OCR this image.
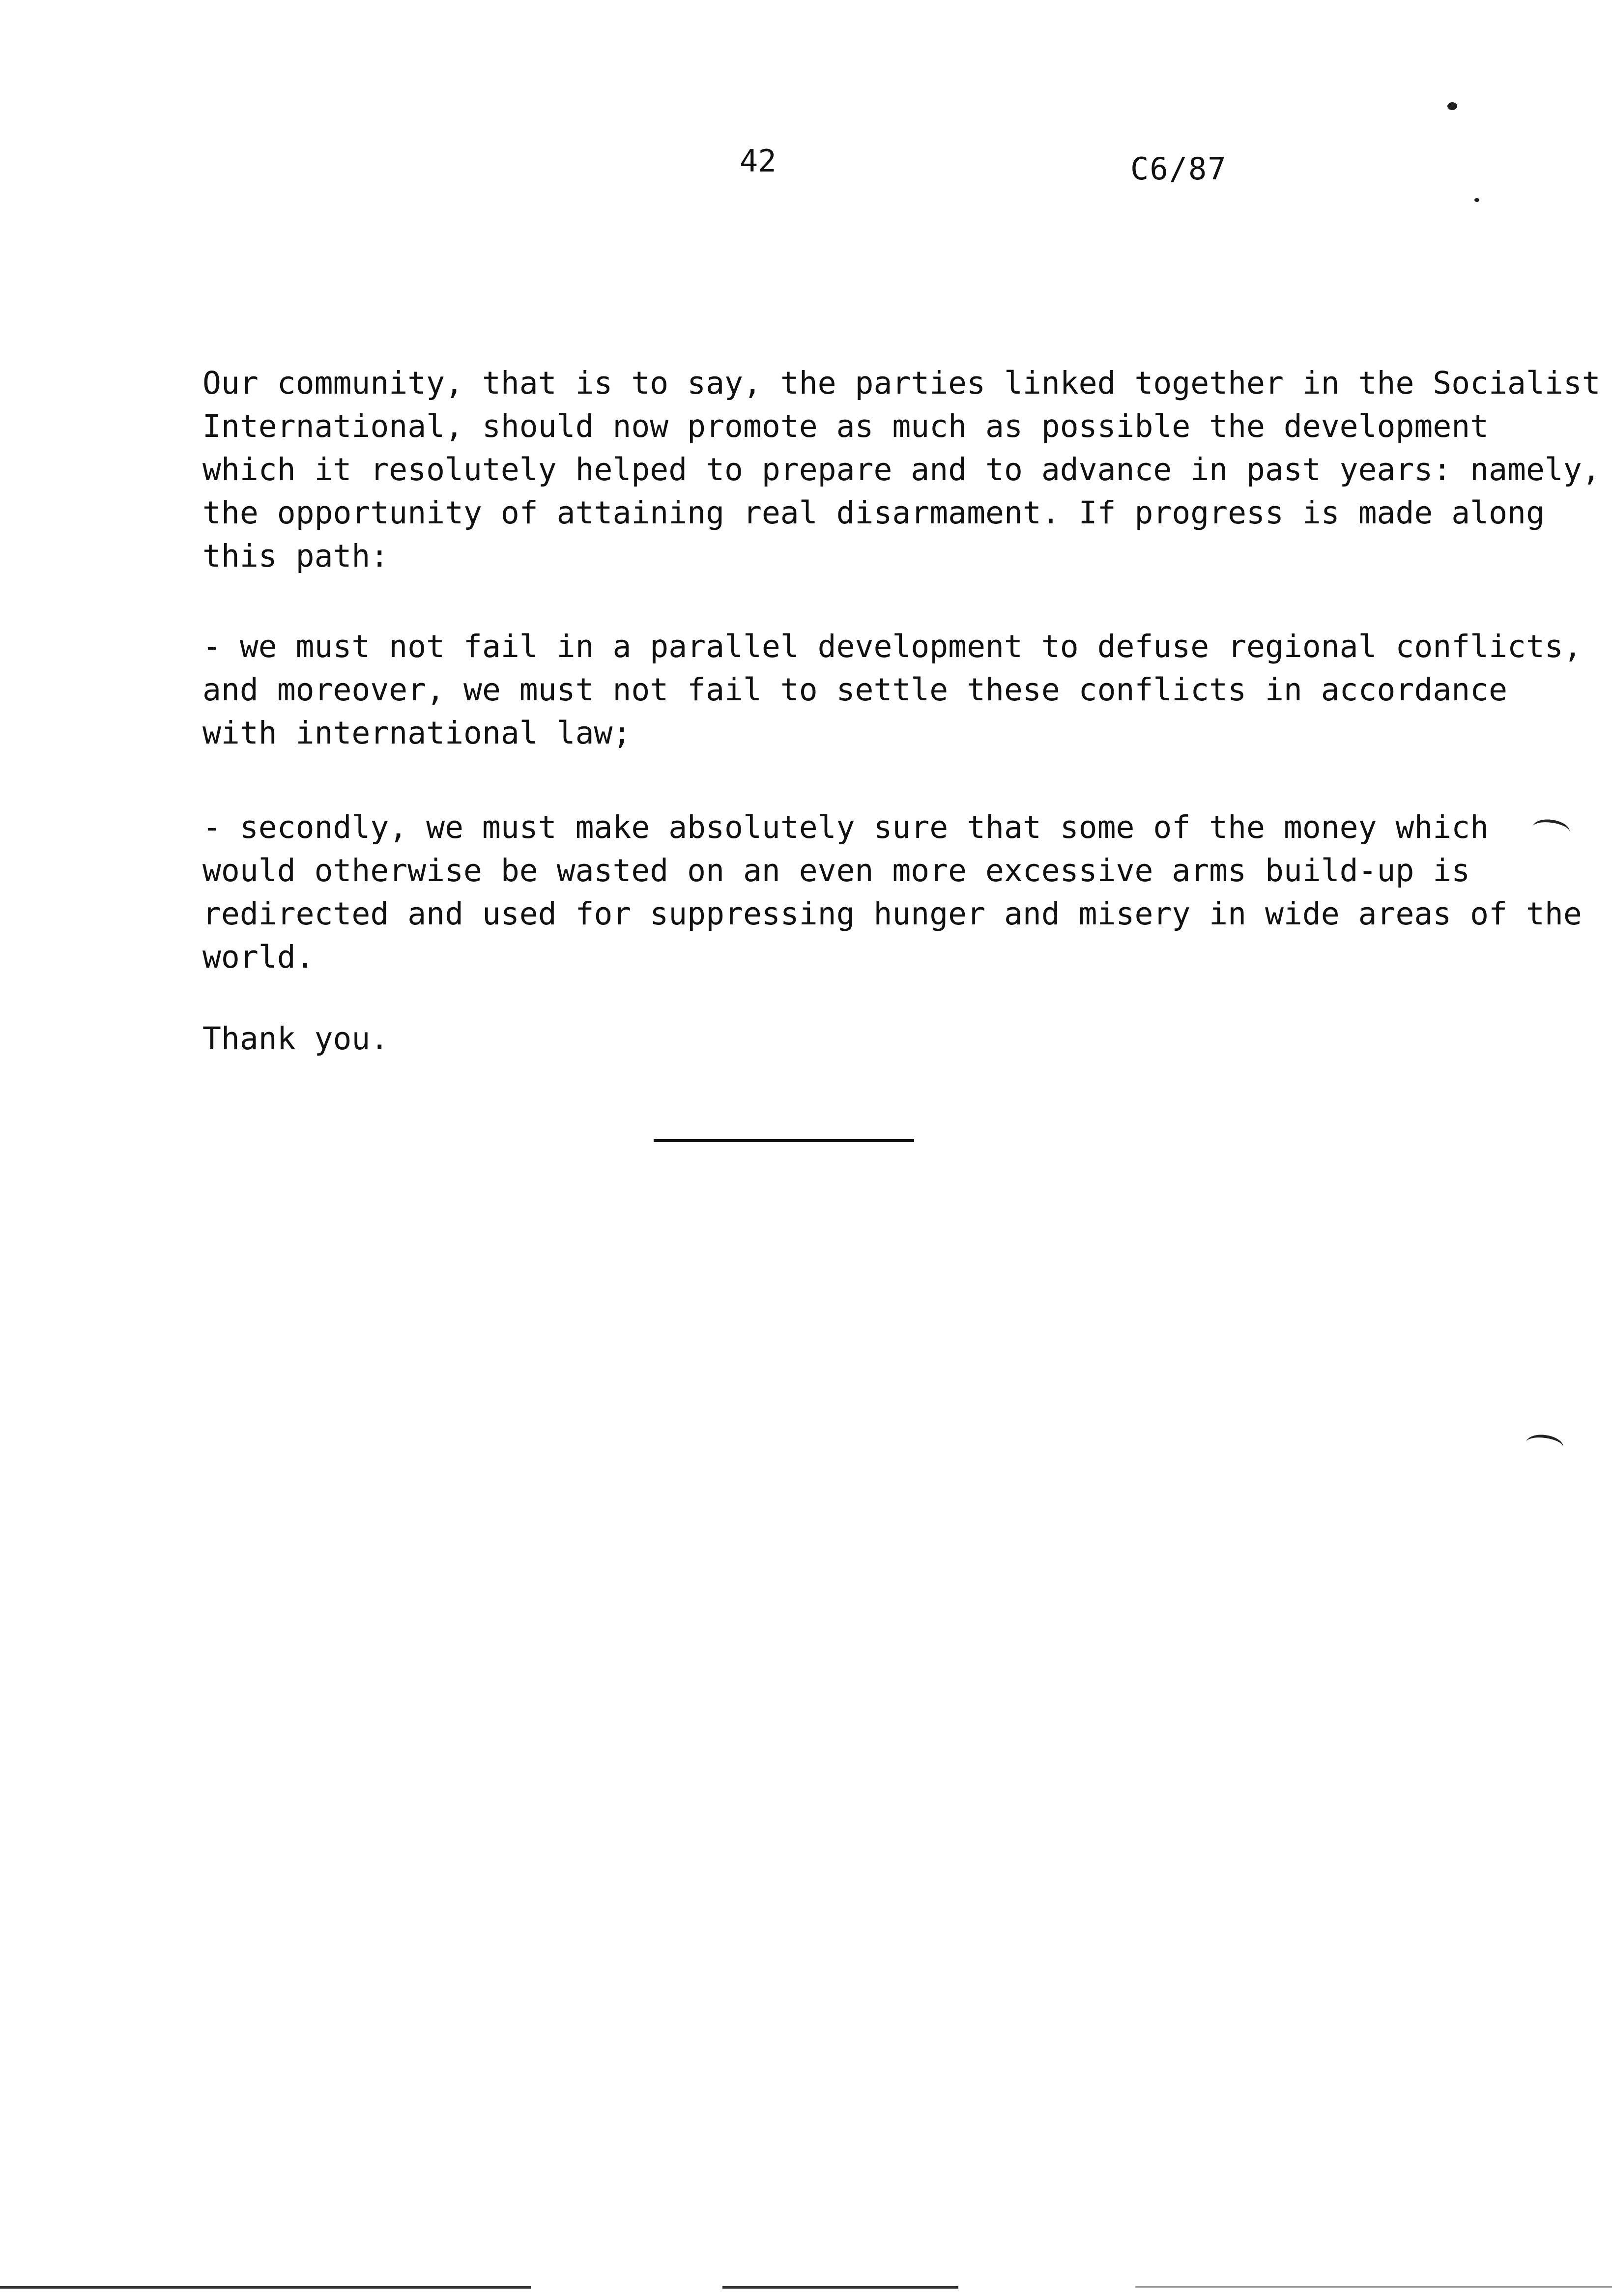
42	C6/87
Our community, that is to say, the parties linked together in the Socialist
International, should now promote as much as possible the development
which it resolutely helped to prepare and to advance in past years: namely,
the opportunity of attaining real disarmament. If progress is made along
this path:
- we must not fail in a parallel development to defuse regional conflicts,
and moreover, we must not fail to settle these conflicts in accordance
with international law;
- secondly, we must make absolutely sure that some of the money which
would otherwise be wasted on an even more excessive arms build-up is
redirected and used for suppressing hunger and misery in wide areas of the
world.
Thank you.
